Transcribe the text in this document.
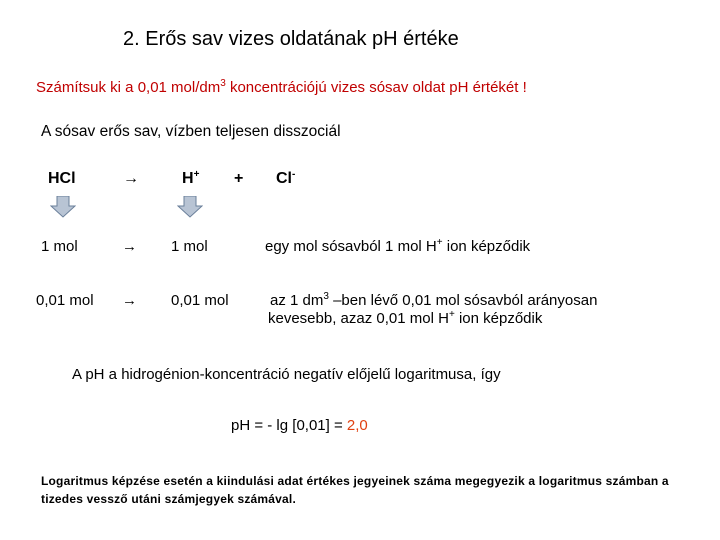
2. Erős sav vizes oldatának pH értéke
Számítsuk ki a 0,01 mol/$dm^3$ koncentrációjú vizes sósav oldat pH értékét !
A sósav erős sav, vízben teljesen disszociál
HCl	→	H+ + Cl-
1 mol	→ 1 mol	egy mol sósavból 1 mol H+ ion képződik
0,01 mol → 0,01 mol	az 1 $dm^3$ –ben lévő 0,01 mol sósavból arányosan
kevesebb, azaz 0,01 mol H+ ion képződik
A pH a hidrogénion-koncentráció negatív előjelű logaritmusa, így
pH = - lg [0,01] = 2,0
Logaritmus képzése esetén a kiindulási adat értékes jegyeinek száma megegyezik a logaritmus számban a tizedes vessző utáni számjegyek számával.
